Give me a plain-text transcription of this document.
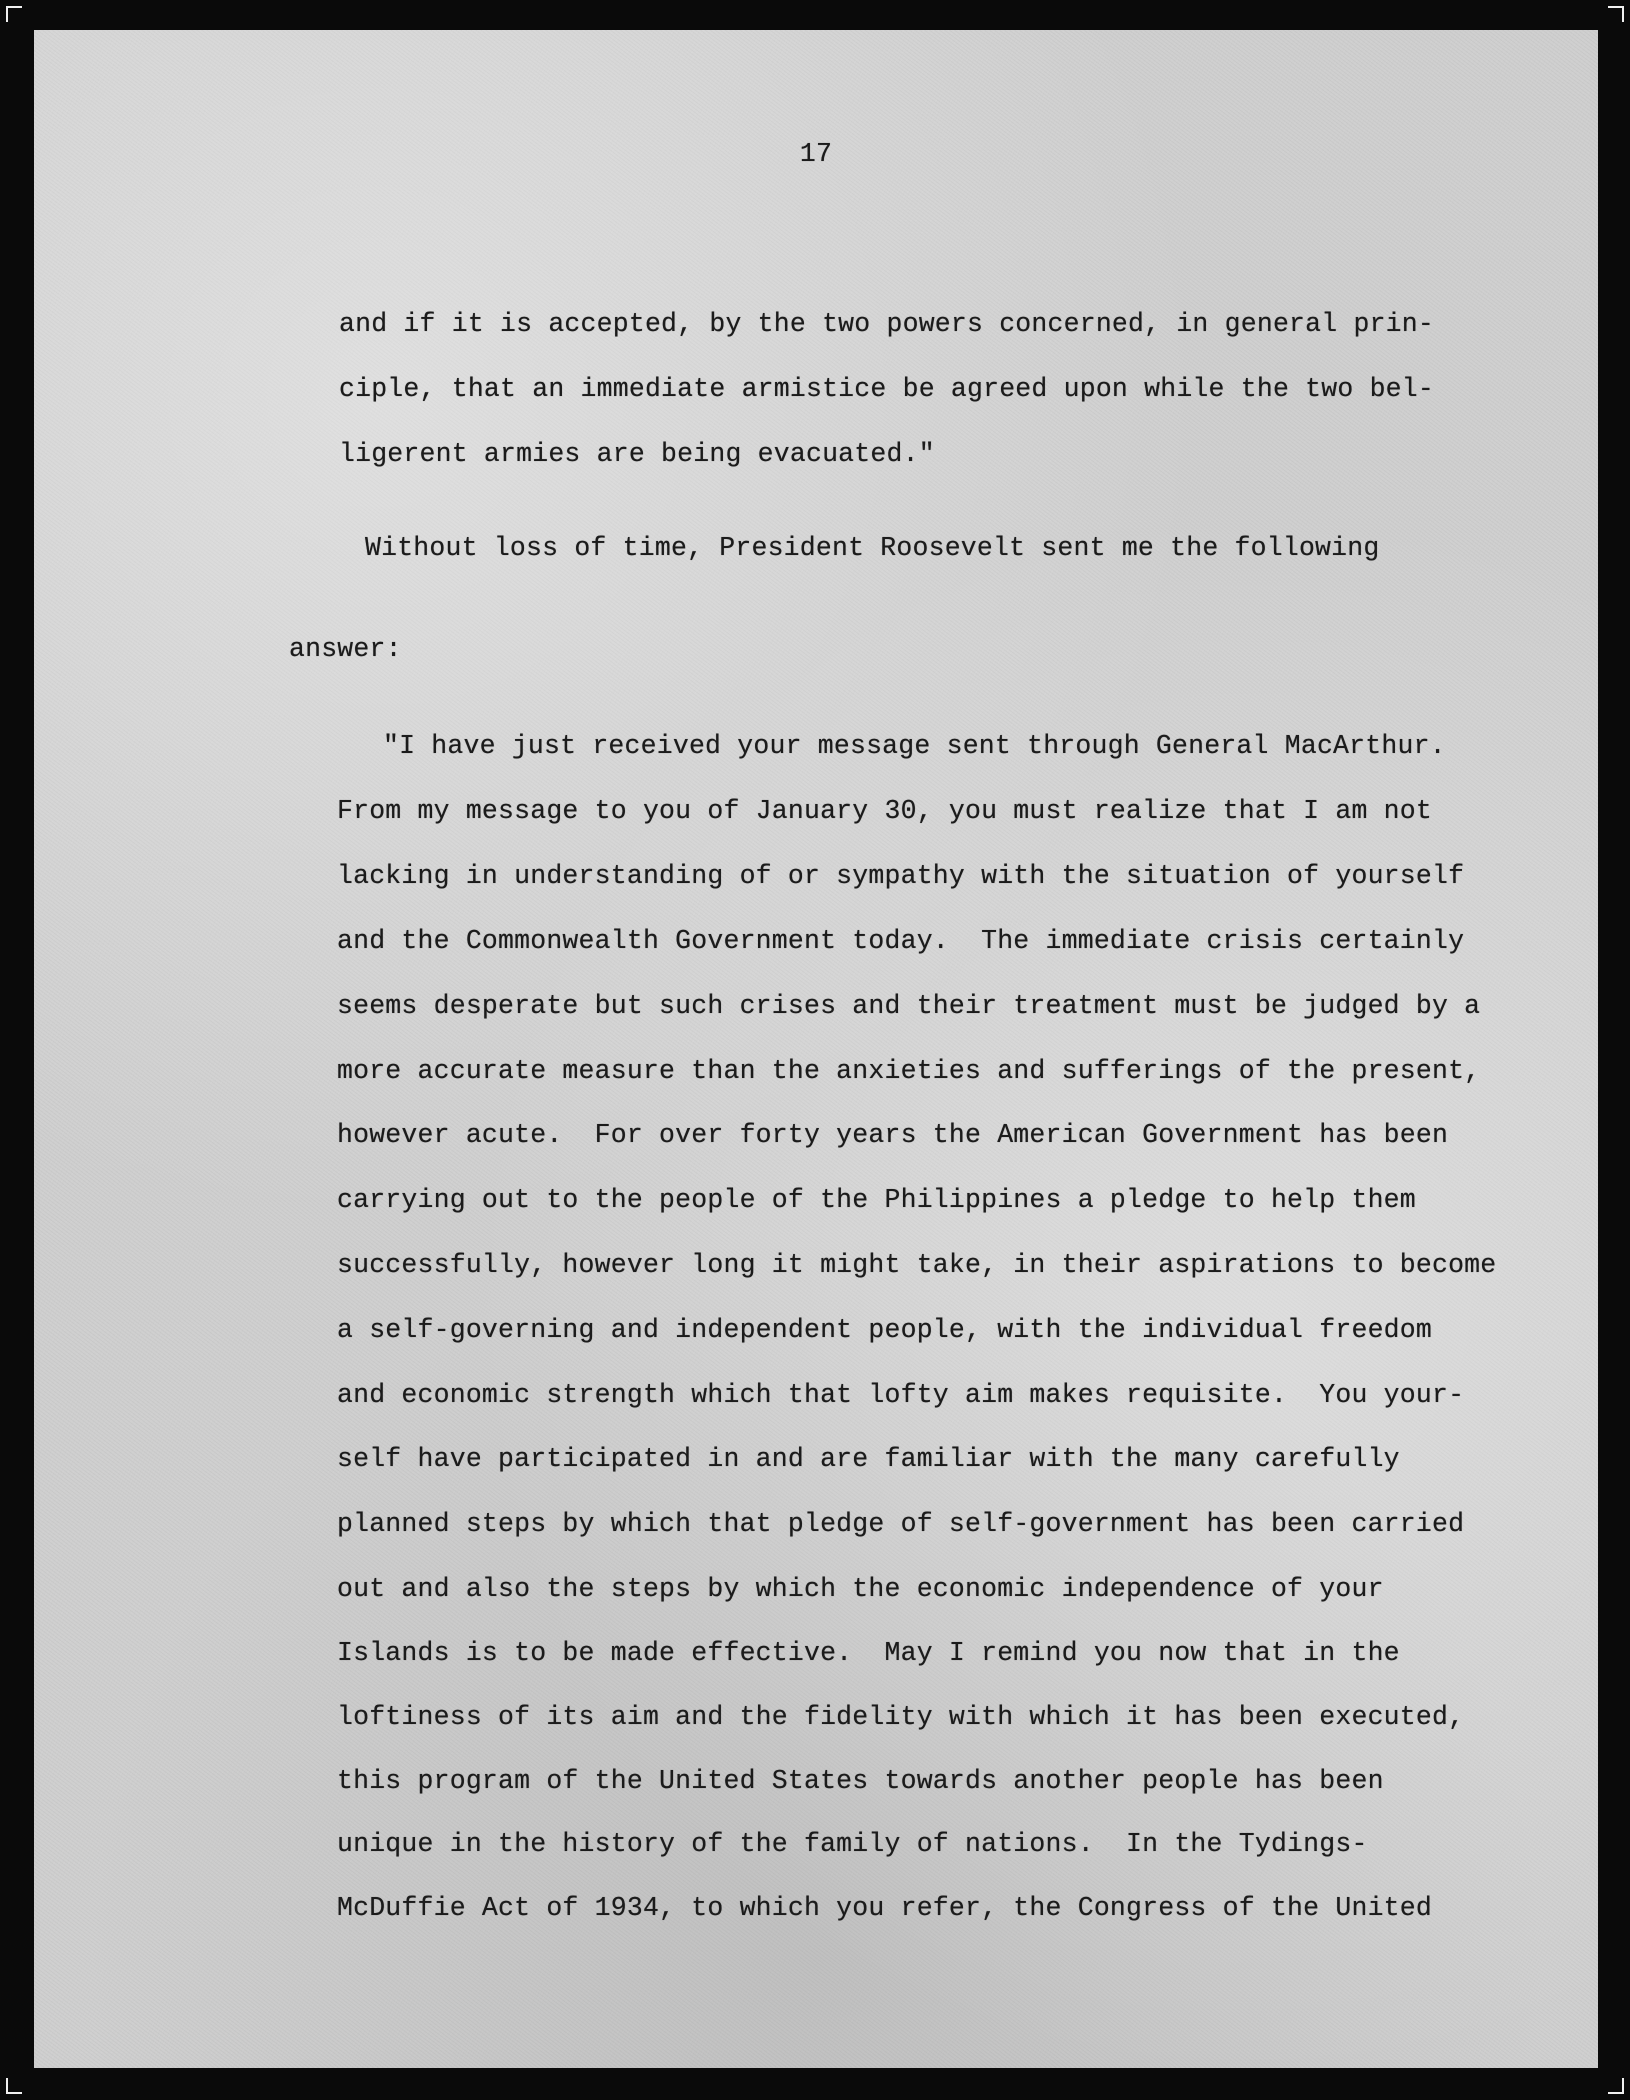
17
and if it is accepted, by the two powers concerned, in general prin-
ciple, that an immediate armistice be agreed upon while the two bel-
ligerent armies are being evacuated."
Without loss of time, President Roosevelt sent me the following
answer:
"I have just received your message sent through General MacArthur.
From my message to you of January 30, you must realize that I am not
lacking in understanding of or sympathy with the situation of yourself
and the Commonwealth Government today.  The immediate crisis certainly
seems desperate but such crises and their treatment must be judged by a
more accurate measure than the anxieties and sufferings of the present,
however acute.  For over forty years the American Government has been
carrying out to the people of the Philippines a pledge to help them
successfully, however long it might take, in their aspirations to become
a self-governing and independent people, with the individual freedom
and economic strength which that lofty aim makes requisite.  You your-
self have participated in and are familiar with the many carefully
planned steps by which that pledge of self-government has been carried
out and also the steps by which the economic independence of your
Islands is to be made effective.  May I remind you now that in the
loftiness of its aim and the fidelity with which it has been executed,
this program of the United States towards another people has been
unique in the history of the family of nations.  In the Tydings-
McDuffie Act of 1934, to which you refer, the Congress of the United
